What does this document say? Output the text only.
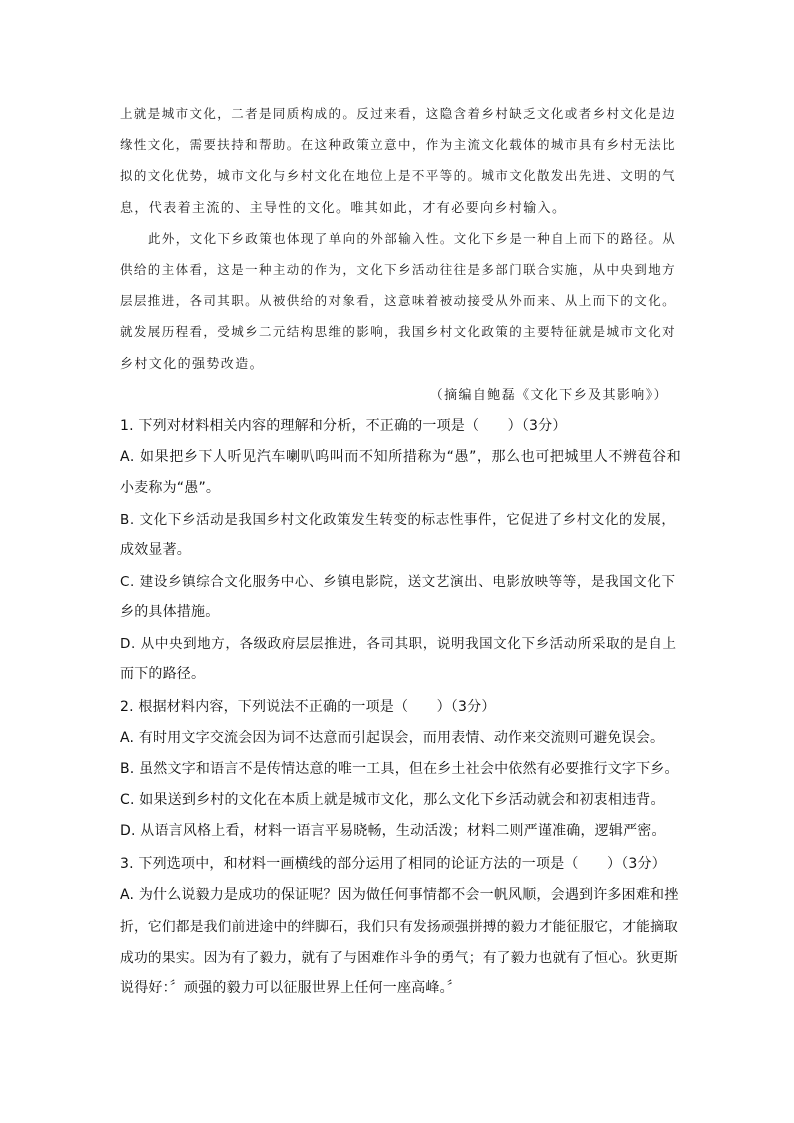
上就是城市文化，二者是同质构成的。反过来看，这隐含着乡村缺乏文化或者乡村文化是边

缘性文化，需要扶持和帮助。在这种政策立意中，作为主流文化载体的城市具有乡村无法比

拟的文化优势，城市文化与乡村文化在地位上是不平等的。城市文化散发出先进、文明的气

息，代表着主流的、主导性的文化。唯其如此，才有必要向乡村输入。

此外，文化下乡政策也体现了单向的外部输入性。文化下乡是一种自上而下的路径。从

供给的主体看，这是一种主动的作为，文化下乡活动往往是多部门联合实施，从中央到地方

层层推进，各司其职。从被供给的对象看，这意味着被动接受从外而来、从上而下的文化。

就发展历程看，受城乡二元结构思维的影响，我国乡村文化政策的主要特征就是城市文化对

乡村文化的强势改造。

（摘编自鲍磊《文化下乡及其影响》）

1. 下列对材料相关内容的理解和分析，不正确的一项是（　　）（3分）

A. 如果把乡下人听见汽车喇叭呜叫而不知所措称为“愚”，那么也可把城里人不辨苞谷和

小麦称为“愚”。

B. 文化下乡活动是我国乡村文化政策发生转变的标志性事件，它促进了乡村文化的发展，

成效显著。

C. 建设乡镇综合文化服务中心、乡镇电影院，送文艺演出、电影放映等等，是我国文化下

乡的具体措施。

D. 从中央到地方，各级政府层层推进，各司其职，说明我国文化下乡活动所采取的是自上

而下的路径。

2. 根据材料内容，下列说法不正确的一项是（　　）（3分）

A. 有时用文字交流会因为词不达意而引起误会，而用表情、动作来交流则可避免误会。

B. 虽然文字和语言不是传情达意的唯一工具，但在乡土社会中依然有必要推行文字下乡。

C. 如果送到乡村的文化在本质上就是城市文化，那么文化下乡活动就会和初衷相违背。

D. 从语言风格上看，材料一语言平易晓畅，生动活泼；材料二则严谨准确，逻辑严密。

3. 下列选项中，和材料一画横线的部分运用了相同的论证方法的一项是（　　）（3分）

A. 为什么说毅力是成功的保证呢？因为做任何事情都不会一帆风顺，会遇到许多困难和挫

折，它们都是我们前进途中的绊脚石，我们只有发扬顽强拼搏的毅力才能征服它，才能摘取

成功的果实。因为有了毅力，就有了与困难作斗争的勇气；有了毅力也就有了恒心。狄更斯

说得好：〞顽强的毅力可以征服世界上任何一座高峰。〞
